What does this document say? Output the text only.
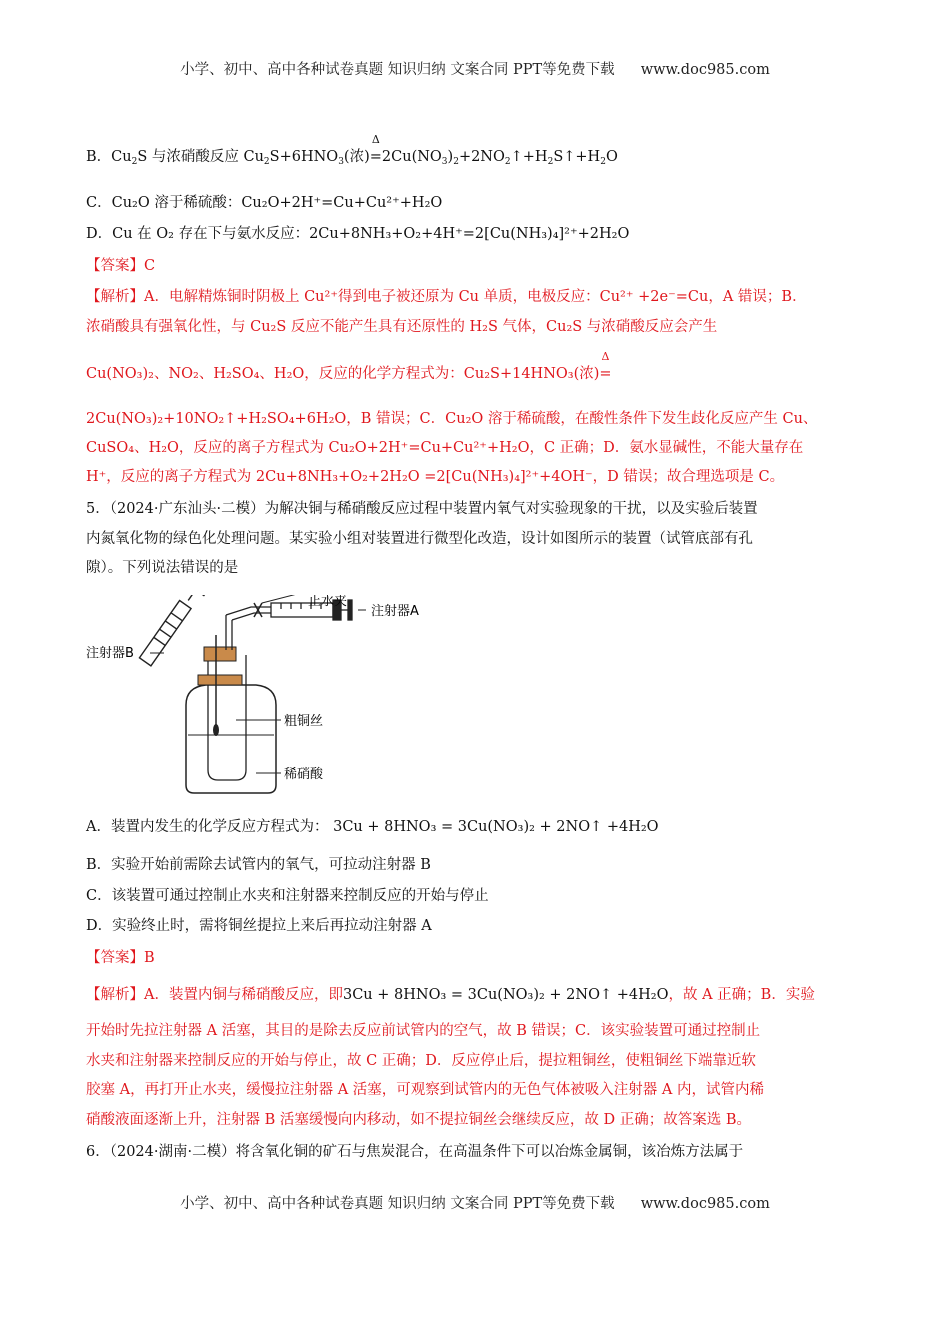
小学、初中、高中各种试卷真题 知识归纳 文案合同 PPT等免费下载 www.doc985.com
B．$Cu_2S$ 与浓硝酸反应 $Cu_2S+6HNO_3$(浓)
Δ
$=2Cu(NO_3)_2+2NO_2↑+H_2S↑+H_2O$
C．Cu₂O 溶于稀硫酸：Cu₂O+2H⁺=Cu+Cu²⁺+H₂O
D．Cu 在 O₂ 存在下与氨水反应：2Cu+8NH₃+O₂+4H⁺=2[Cu(NH₃)₄]²⁺+2H₂O
【答案】C
【解析】A．电解精炼铜时阴极上 Cu²⁺得到电子被还原为 Cu 单质，电极反应：Cu²⁺ +2e⁻=Cu，A 错误；B．
浓硝酸具有强氧化性，与 Cu₂S 反应不能产生具有还原性的 H₂S 气体，Cu₂S 与浓硝酸反应会产生
Cu(NO₃)₂、NO₂、H₂SO₄、H₂O，反应的化学方程式为：Cu₂S+14HNO₃(浓)
Δ
=
2Cu(NO₃)₂+10NO₂↑+H₂SO₄+6H₂O，B 错误；C．Cu₂O 溶于稀硫酸，在酸性条件下发生歧化反应产生 Cu、
CuSO₄、H₂O，反应的离子方程式为 Cu₂O+2H⁺=Cu+Cu²⁺+H₂O，C 正确；D．氨水显碱性，不能大量存在
H⁺，反应的离子方程式为 2Cu+8NH₃+O₂+2H₂O =2[Cu(NH₃)₄]²⁺+4OH⁻，D 错误；故合理选项是 C。
5．（2024·广东汕头·二模）为解决铜与稀硝酸反应过程中装置内氧气对实验现象的干扰，以及实验后装置
内氮氧化物的绿色化处理问题。某实验小组对装置进行微型化改造，设计如图所示的装置（试管底部有孔
隙）。下列说法错误的是
止水夹
注射器A
注射器B
粗铜丝
稀硝酸
A．装置内发生的化学反应方程式为： 3Cu + 8HNO₃ = 3Cu(NO₃)₂ + 2NO↑ +4H₂O
B．实验开始前需除去试管内的氧气，可拉动注射器 B
C．该装置可通过控制止水夹和注射器来控制反应的开始与停止
D．实验终止时，需将铜丝提拉上来后再拉动注射器 A
【答案】B
【解析】A．装置内铜与稀硝酸反应，即3Cu + 8HNO₃ = 3Cu(NO₃)₂ + 2NO↑ +4H₂O，故 A 正确；B．实验
开始时先拉注射器 A 活塞，其目的是除去反应前试管内的空气，故 B 错误；C．该实验装置可通过控制止
水夹和注射器来控制反应的开始与停止，故 C 正确；D．反应停止后，提拉粗铜丝，使粗铜丝下端靠近软
胶塞 A，再打开止水夹，缓慢拉注射器 A 活塞，可观察到试管内的无色气体被吸入注射器 A 内，试管内稀
硝酸液面逐渐上升，注射器 B 活塞缓慢向内移动，如不提拉铜丝会继续反应，故 D 正确；故答案选 B。
6．（2024·湖南·二模）将含氧化铜的矿石与焦炭混合，在高温条件下可以冶炼金属铜，该冶炼方法属于
小学、初中、高中各种试卷真题 知识归纳 文案合同 PPT等免费下载 www.doc985.com
